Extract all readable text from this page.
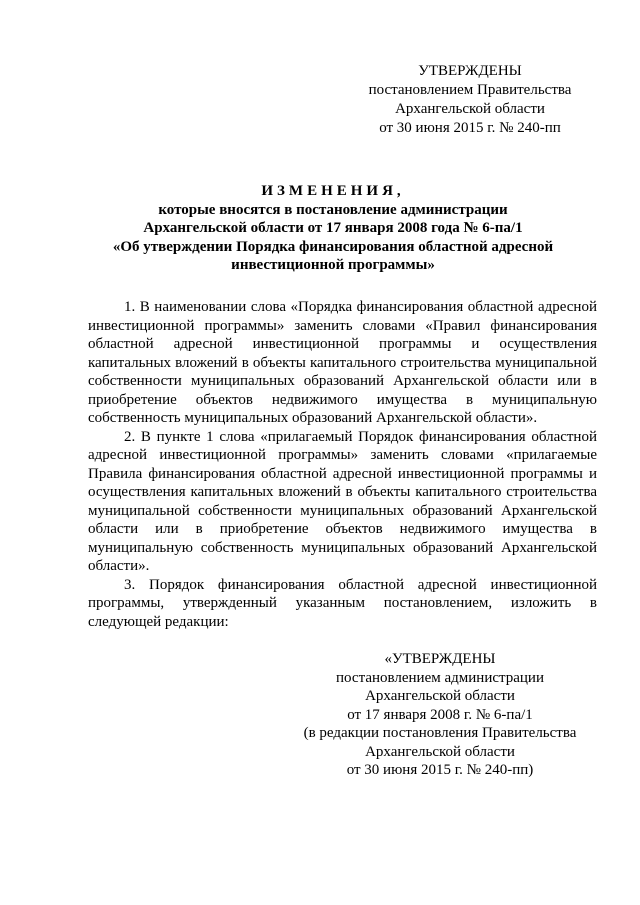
УТВЕРЖДЕНЫ
постановлением Правительства
Архангельской области
от 30 июня 2015 г. № 240-пп
ИЗМЕНЕНИЯ,
которые вносятся в постановление администрации
Архангельской области от 17 января 2008 года № 6-па/1
«Об утверждении Порядка финансирования областной адресной
инвестиционной программы»

1. В наименовании слова «Порядка финансирования областной адресной инвестиционной программы» заменить словами «Правил финансирования областной адресной инвестиционной программы и осуществления капитальных вложений в объекты капитального строительства муниципальной собственности муниципальных образований Архангельской области или в приобретение объектов недвижимого имущества в муниципальную собственность муниципальных образований Архангельской области».

2. В пункте 1 слова «прилагаемый Порядок финансирования областной адресной инвестиционной программы» заменить словами «прилагаемые Правила финансирования областной адресной инвестиционной программы и осуществления капитальных вложений в объекты капитального строительства муниципальной собственности муниципальных образований Архангельской области или в приобретение объектов недвижимого имущества в муниципальную собственность муниципальных образований Архангельской области».

3. Порядок финансирования областной адресной инвестиционной программы, утвержденный указанным постановлением, изложить в следующей редакции:

«УТВЕРЖДЕНЫ
постановлением администрации
Архангельской области
от 17 января 2008 г. № 6-па/1
(в редакции постановления Правительства
Архангельской области
от 30 июня 2015 г. № 240-пп)
